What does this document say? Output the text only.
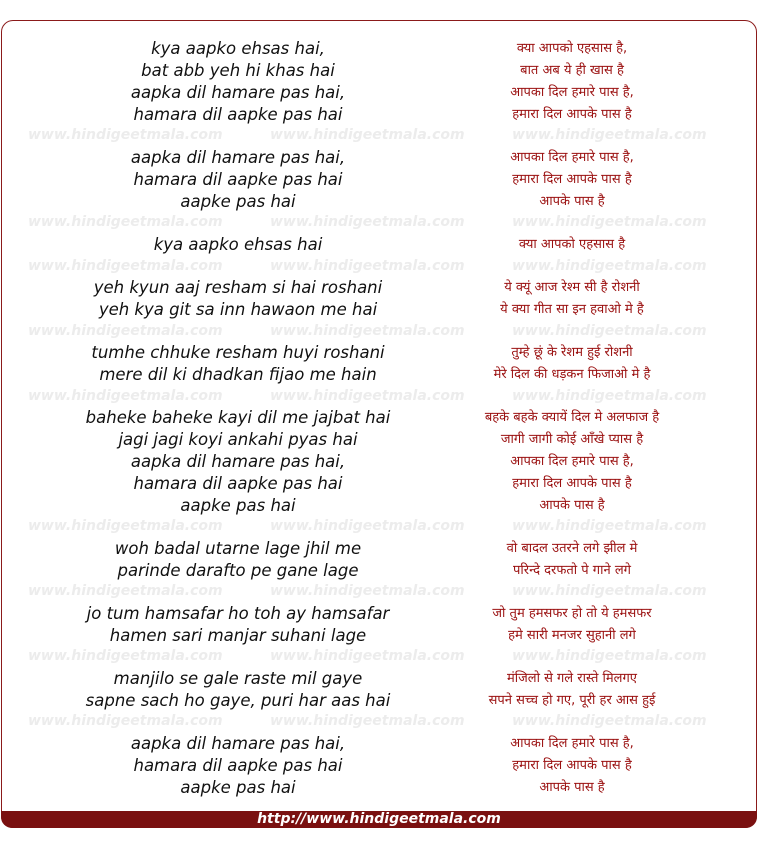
www.hindigeetmala.com	www.hindigeetmala.com	www.hindigeetmala.com
www.hindigeetmala.com	www.hindigeetmala.com	www.hindigeetmala.com
www.hindigeetmala.com	www.hindigeetmala.com	www.hindigeetmala.com
www.hindigeetmala.com	www.hindigeetmala.com	www.hindigeetmala.com
www.hindigeetmala.com	www.hindigeetmala.com	www.hindigeetmala.com
www.hindigeetmala.com	www.hindigeetmala.com	www.hindigeetmala.com
www.hindigeetmala.com	www.hindigeetmala.com	www.hindigeetmala.com
www.hindigeetmala.com	www.hindigeetmala.com	www.hindigeetmala.com
www.hindigeetmala.com	www.hindigeetmala.com	www.hindigeetmala.com
kya aapko ehsas hai,	क्या आपको एहसास है,
bat abb yeh hi khas hai	बात अब ये ही खास है
aapka dil hamare pas hai,	आपका दिल हमारे पास है,
hamara dil aapke pas hai	हमारा दिल आपके पास है
aapka dil hamare pas hai,	आपका दिल हमारे पास है,
hamara dil aapke pas hai	हमारा दिल आपके पास है
aapke pas hai	आपके पास है
kya aapko ehsas hai	क्या आपको एहसास है
yeh kyun aaj resham si hai roshani	ये क्यूं आज रेश्म सी है रोशनी
yeh kya git sa inn hawaon me hai	ये क्या गीत सा इन हवाओ मे है
tumhe chhuke resham huyi roshani	तुम्हे छूं के रेशम हुई रोशनी
mere dil ki dhadkan fijao me hain	मेरे दिल की धड़कन फिजाओ मे है
baheke baheke kayi dil me jajbat hai	बहके बहके क्यायें दिल मे अलफाज है
jagi jagi koyi ankahi pyas hai	जागी जागी कोई आँखे प्यास है
aapka dil hamare pas hai,	आपका दिल हमारे पास है,
hamara dil aapke pas hai	हमारा दिल आपके पास है
aapke pas hai	आपके पास है
woh badal utarne lage jhil me	वो बादल उतरने लगे झील मे
parinde darafto pe gane lage	परिन्दे दरफतो पे गाने लगे
jo tum hamsafar ho toh ay hamsafar	जो तुम हमसफर हो तो ये हमसफर
hamen sari manjar suhani lage	हमे सारी मनजर सुहानी लगे
manjilo se gale raste mil gaye	मंजिलो से गले रास्ते मिलगए
sapne sach ho gaye, puri har aas hai	सपने सच्च हो गए, पूरी हर आस हुई
aapka dil hamare pas hai,	आपका दिल हमारे पास है,
hamara dil aapke pas hai	हमारा दिल आपके पास है
aapke pas hai	आपके पास है
http://www.hindigeetmala.com
